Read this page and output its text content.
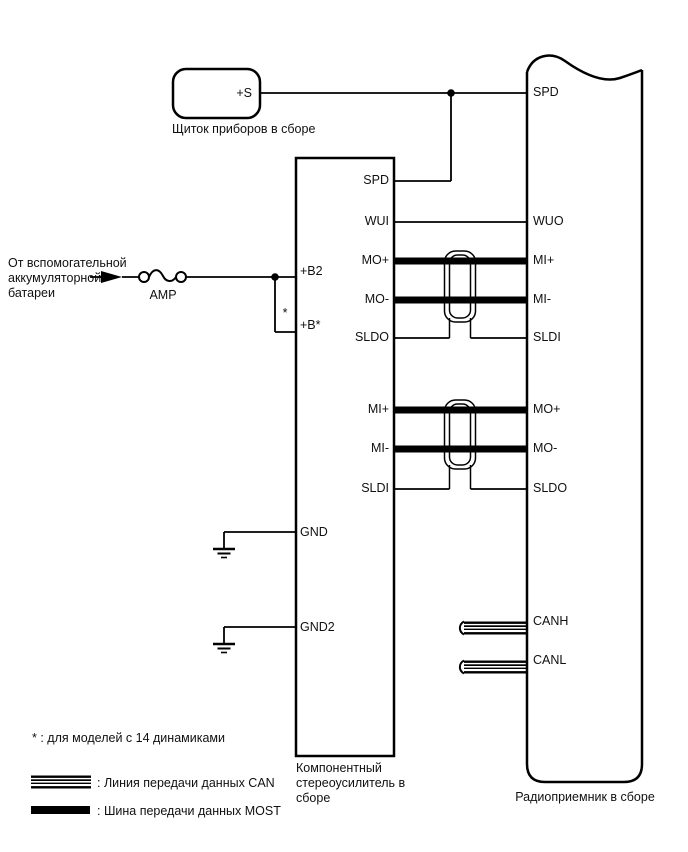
+S
Щиток приборов в сборе
От вспомогательной
аккумуляторной
батареи	AMP
Компонентный
стереоусилитель в
сборе
SPD
WUI
MO+
MO-
SLDO
MI+
MI-
SLDI
+B2
+B*
GND
GND2
*
Радиоприемник в сборе
SPD
WUO
MI+
MI-
SLDI
MO+
MO-
SLDO
CANH
CANL
* : для моделей с 14 динамиками
: Линия передачи данных CAN
: Шина передачи данных MOST
